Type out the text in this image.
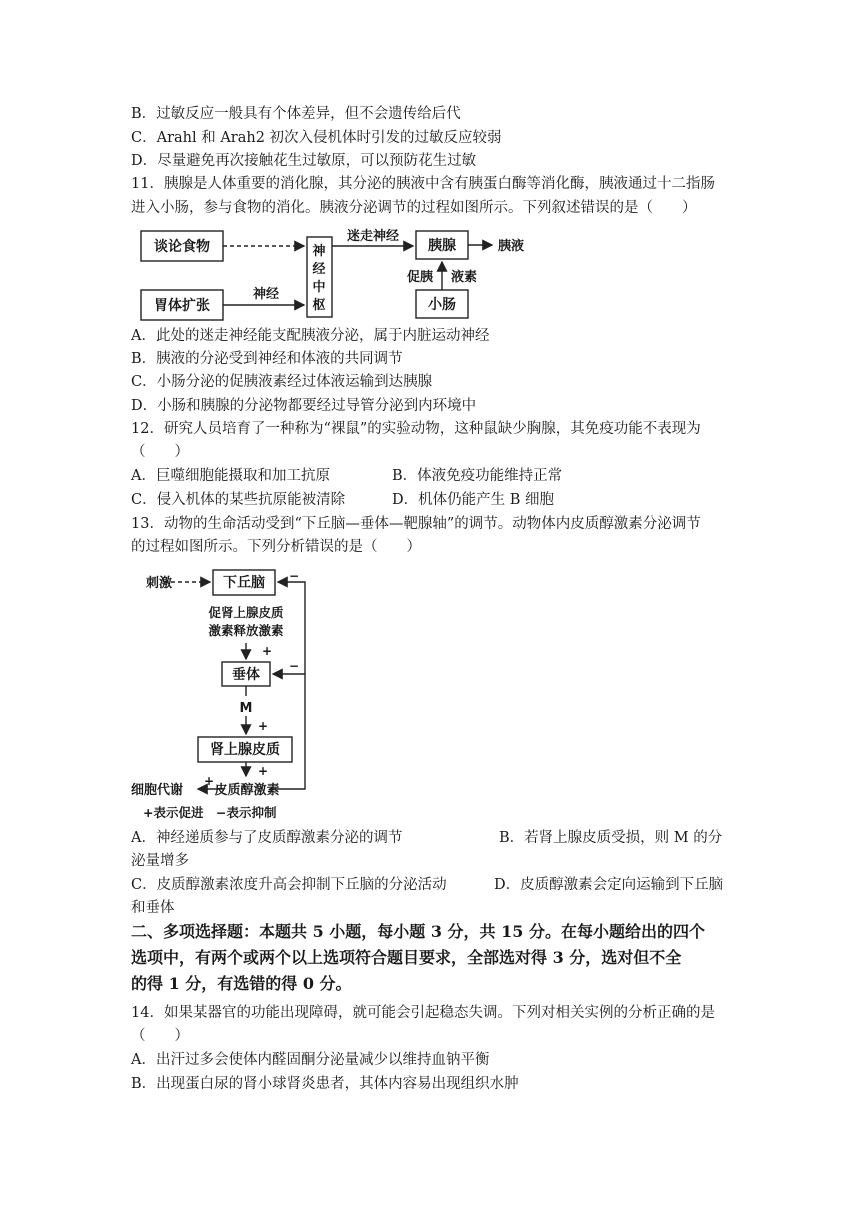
B．过敏反应一般具有个体差异，但不会遗传给后代
C．Arahl 和 Arah2 初次入侵机体时引发的过敏反应较弱
D．尽量避免再次接触花生过敏原，可以预防花生过敏
11．胰腺是人体重要的消化腺，其分泌的胰液中含有胰蛋白酶等消化酶，胰液通过十二指肠
进入小肠，参与食物的消化。胰液分泌调节的过程如图所示。下列叙述错误的是（　　）
谈论食物
胃体扩张
神
经
中
枢
神经
迷走神经
胰腺	胰液
促胰 液素
小肠
A．此处的迷走神经能支配胰液分泌，属于内脏运动神经
B．胰液的分泌受到神经和体液的共同调节
C．小肠分泌的促胰液素经过体液运输到达胰腺
D．小肠和胰腺的分泌物都要经过导管分泌到内环境中
12．研究人员培育了一种称为“裸鼠”的实验动物，这种鼠缺少胸腺，其免疫功能不表现为
（　　）
A．巨噬细胞能摄取和加工抗原	B．体液免疫功能维持正常
C．侵入机体的某些抗原能被清除	D．机体仍能产生 B 细胞
13．动物的生命活动受到“下丘脑—垂体—靶腺轴”的调节。动物体内皮质醇激素分泌调节
的过程如图所示。下列分析错误的是（　　）
刺激	下丘脑
促肾上腺皮质
激素释放激素
+
垂体
M
+
肾上腺皮质
+
皮质醇激素
细胞代谢
+
−
−
+表示促进　−表示抑制
A．神经递质参与了皮质醇激素分泌的调节	B．若肾上腺皮质受损，则 M 的分
泌量增多
C．皮质醇激素浓度升高会抑制下丘脑的分泌活动	D．皮质醇激素会定向运输到下丘脑
和垂体
二、多项选择题：本题共 5 小题，每小题 3 分，共 15 分。在每小题给出的四个
选项中，有两个或两个以上选项符合题目要求，全部选对得 3 分，选对但不全
的得 1 分，有选错的得 0 分。
14．如果某器官的功能出现障碍，就可能会引起稳态失调。下列对相关实例的分析正确的是
（　　）
A．出汗过多会使体内醛固酮分泌量减少以维持血钠平衡
B．出现蛋白尿的肾小球肾炎患者，其体内容易出现组织水肿
